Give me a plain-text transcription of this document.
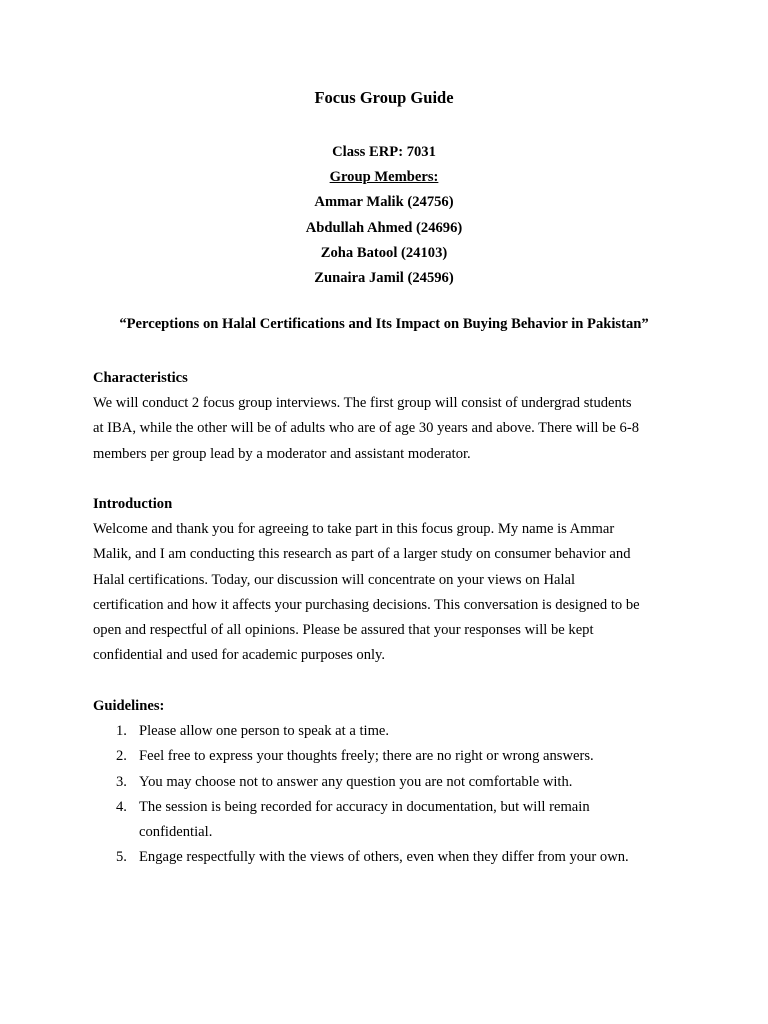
Focus Group Guide
Class ERP: 7031
Group Members:
Ammar Malik (24756)
Abdullah Ahmed (24696)
Zoha Batool (24103)
Zunaira Jamil (24596)
“Perceptions on Halal Certifications and Its Impact on Buying Behavior in Pakistan”
Characteristics
We will conduct 2 focus group interviews. The first group will consist of undergrad students
at IBA, while the other will be of adults who are of age 30 years and above. There will be 6-8
members per group lead by a moderator and assistant moderator.
Introduction
Welcome and thank you for agreeing to take part in this focus group. My name is Ammar
Malik, and I am conducting this research as part of a larger study on consumer behavior and
Halal certifications. Today, our discussion will concentrate on your views on Halal
certification and how it affects your purchasing decisions. This conversation is designed to be
open and respectful of all opinions. Please be assured that your responses will be kept
confidential and used for academic purposes only.
Guidelines:
1. Please allow one person to speak at a time.
2. Feel free to express your thoughts freely; there are no right or wrong answers.
3. You may choose not to answer any question you are not comfortable with.
4. The session is being recorded for accuracy in documentation, but will remain
confidential.
5. Engage respectfully with the views of others, even when they differ from your own.
